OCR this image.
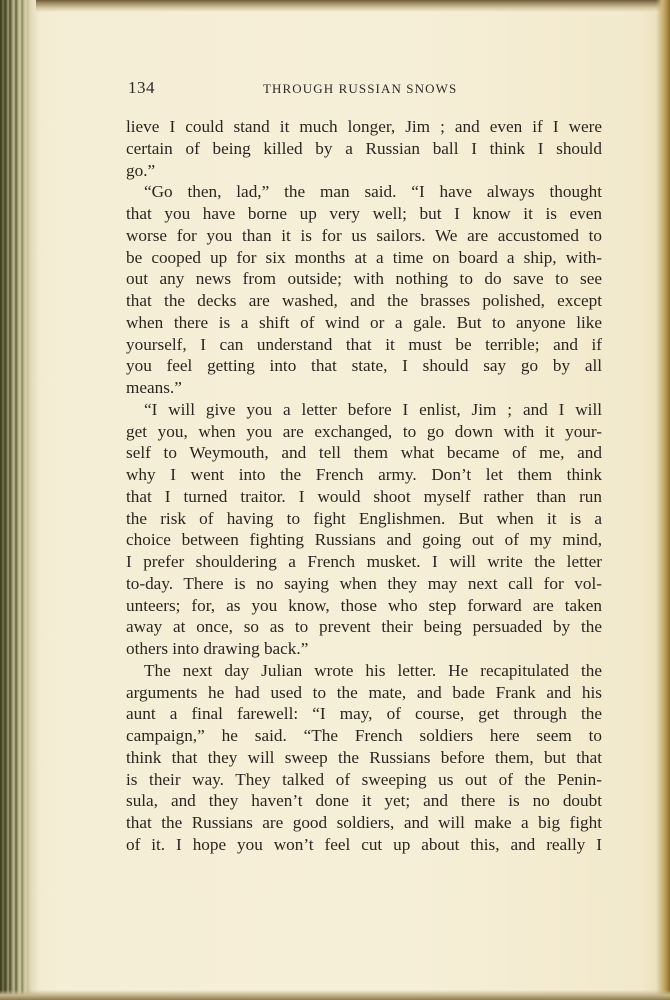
134	THROUGH RUSSIAN SNOWS
lieve I could stand it much longer, Jim ; and even if I were
certain of being killed by a Russian ball I think I should
go.”
“Go then, lad,” the man said. “I have always thought
that you have borne up very well; but I know it is even
worse for you than it is for us sailors. We are accustomed to
be cooped up for six months at a time on board a ship, with-
out any news from outside; with nothing to do save to see
that the decks are washed, and the brasses polished, except
when there is a shift of wind or a gale. But to anyone like
yourself, I can understand that it must be terrible; and if
you feel getting into that state, I should say go by all
means.”
“I will give you a letter before I enlist, Jim ; and I will
get you, when you are exchanged, to go down with it your-
self to Weymouth, and tell them what became of me, and
why I went into the French army. Don’t let them think
that I turned traitor. I would shoot myself rather than run
the risk of having to fight Englishmen. But when it is a
choice between fighting Russians and going out of my mind,
I prefer shouldering a French musket. I will write the letter
to-day. There is no saying when they may next call for vol-
unteers; for, as you know, those who step forward are taken
away at once, so as to prevent their being persuaded by the
others into drawing back.”
The next day Julian wrote his letter. He recapitulated the
arguments he had used to the mate, and bade Frank and his
aunt a final farewell: “I may, of course, get through the
campaign,” he said. “The French soldiers here seem to
think that they will sweep the Russians before them, but that
is their way. They talked of sweeping us out of the Penin-
sula, and they haven’t done it yet; and there is no doubt
that the Russians are good soldiers, and will make a big fight
of it. I hope you won’t feel cut up about this, and really I
